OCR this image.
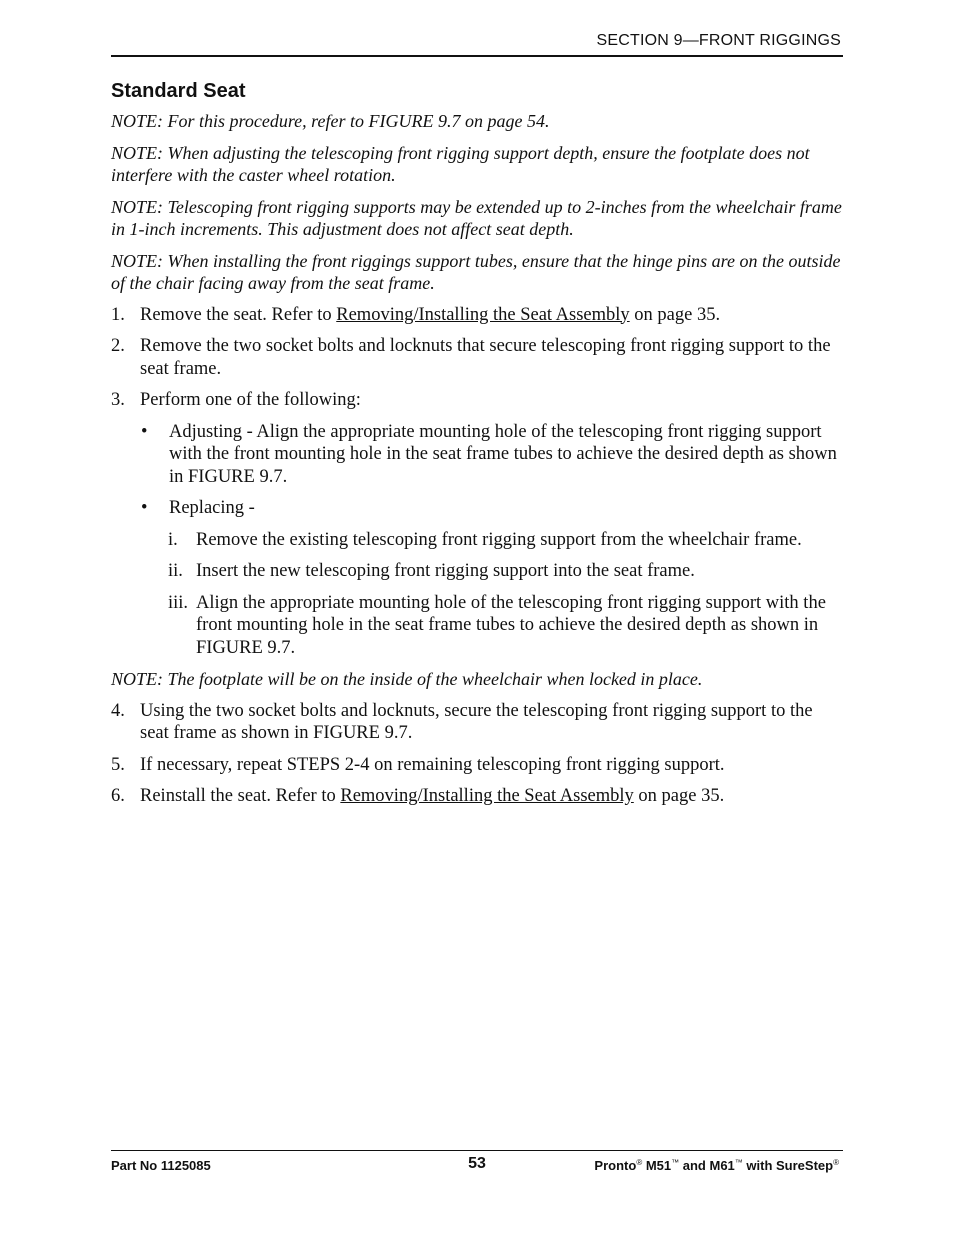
SECTION 9—FRONT RIGGINGS
Standard Seat

NOTE: For this procedure, refer to FIGURE 9.7 on page 54.

NOTE: When adjusting the telescoping front rigging support depth, ensure the footplate does not interfere with the caster wheel rotation.

NOTE: Telescoping front rigging supports may be extended up to 2-inches from the wheelchair frame in 1-inch increments. This adjustment does not affect seat depth.

NOTE: When installing the front riggings support tubes, ensure that the hinge pins are on the outside of the chair facing away from the seat frame.

1. Remove the seat. Refer to Removing/Installing the Seat Assembly on page 35.
2. Remove the two socket bolts and locknuts that secure telescoping front rigging support to the seat frame.
3. Perform one of the following:
•	Adjusting - Align the appropriate mounting hole of the telescoping front rigging support with the front mounting hole in the seat frame tubes to achieve the desired depth as shown in FIGURE 9.7.
•	Replacing -
i. Remove the existing telescoping front rigging support from the wheelchair frame.
ii. Insert the new telescoping front rigging support into the seat frame.
iii. Align the appropriate mounting hole of the telescoping front rigging support with the front mounting hole in the seat frame tubes to achieve the desired depth as shown in FIGURE 9.7.

NOTE: The footplate will be on the inside of the wheelchair when locked in place.

4. Using the two socket bolts and locknuts, secure the telescoping front rigging support to the seat frame as shown in FIGURE 9.7.
5. If necessary, repeat STEPS 2-4 on remaining telescoping front rigging support.
6. Reinstall the seat. Refer to Removing/Installing the Seat Assembly on page 35.
Part No 1125085	53	Pronto® M51™ and M61™ with SureStep®
